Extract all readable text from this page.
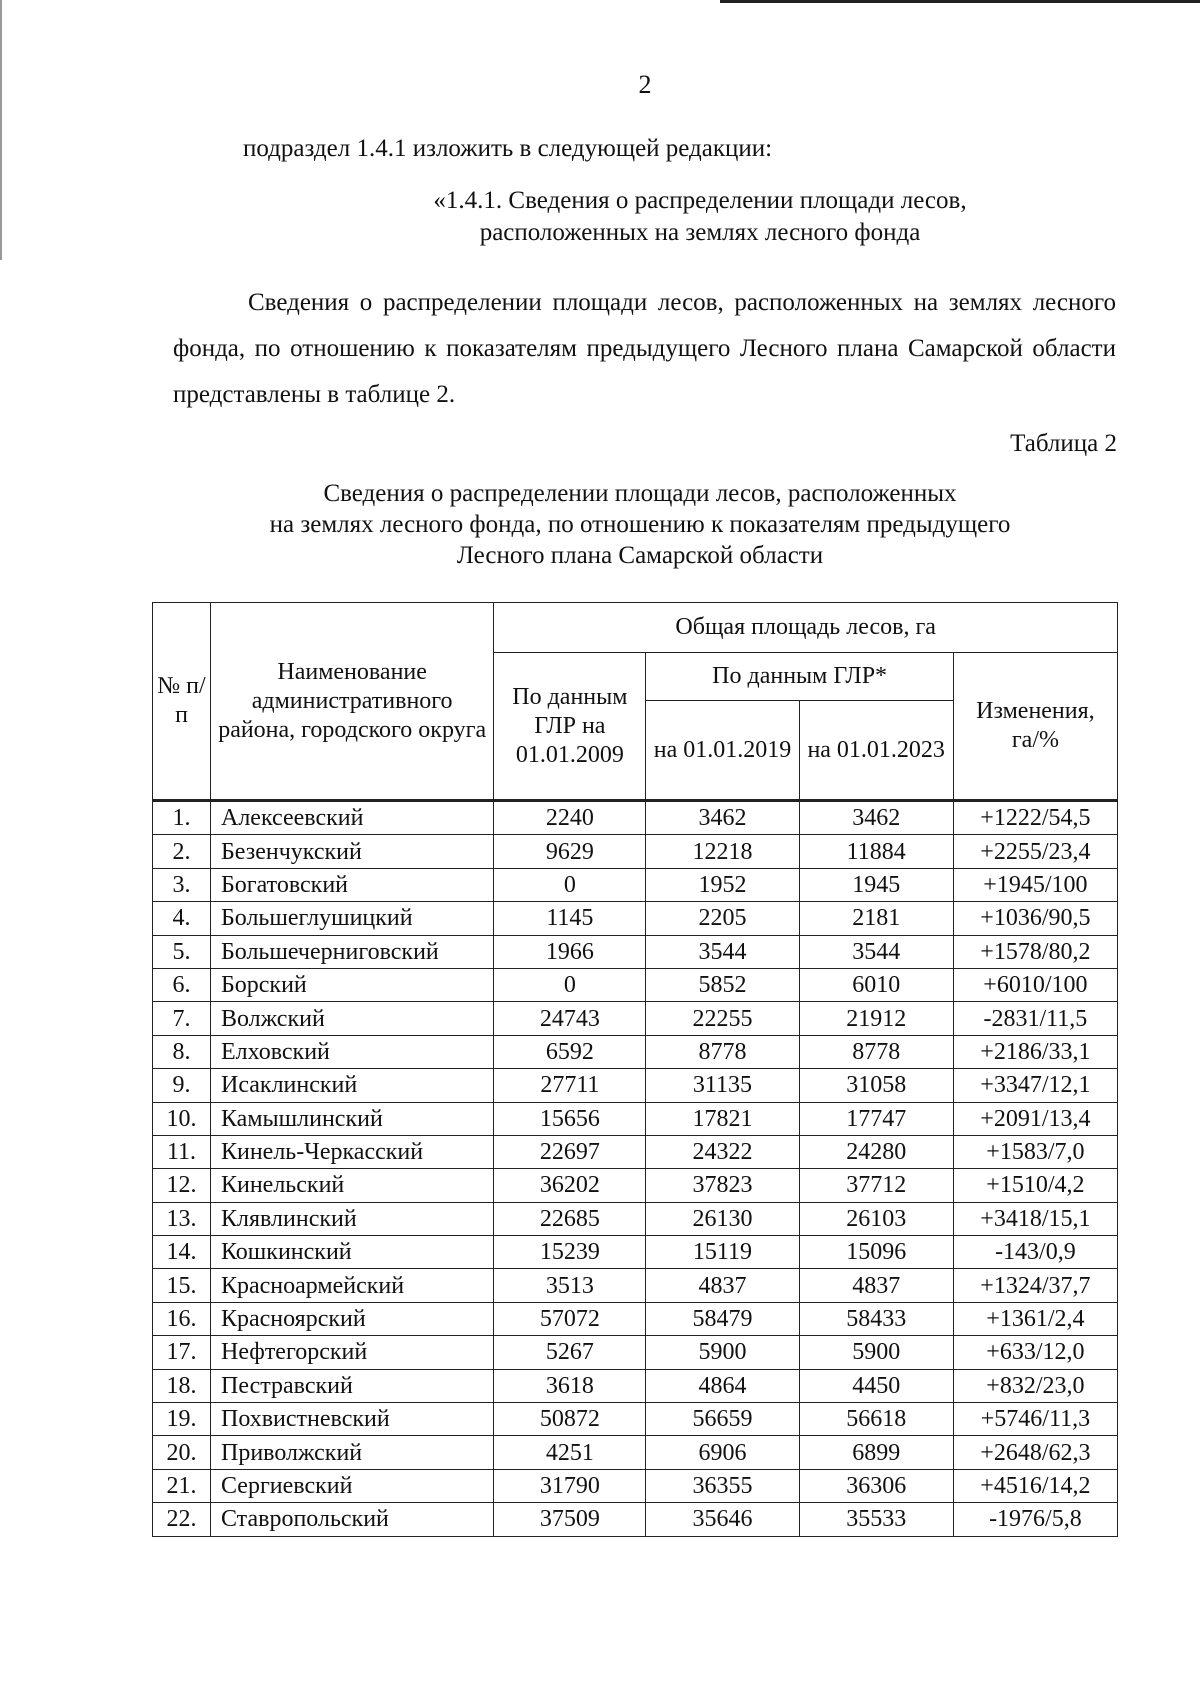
2
подраздел 1.4.1 изложить в следующей редакции:
«1.4.1. Сведения о распределении площади лесов,
расположенных на землях лесного фонда

Сведения о распределении площади лесов, расположенных на землях лесного фонда, по отношению к показателям предыдущего Лесного плана Самарской области представлены в таблице 2.

Таблица 2
Сведения о распределении площади лесов, расположенных
на землях лесного фонда, по отношению к показателям предыдущего
Лесного плана Самарской области
№ п/п	Наименование административного района, городского округа	Общая площадь лесов, га			
		По данным ГЛР на 01.01.2009	По данным ГЛР*		Изменения, га/%
			на 01.01.2019	на 01.01.2023	
1.	Алексеевский	2240	3462	3462	+1222/54,5
2.	Безенчукский	9629	12218	11884	+2255/23,4
3.	Богатовский	0	1952	1945	+1945/100
4.	Большеглушицкий	1145	2205	2181	+1036/90,5
5.	Большечерниговский	1966	3544	3544	+1578/80,2
6.	Борский	0	5852	6010	+6010/100
7.	Волжский	24743	22255	21912	-2831/11,5
8.	Елховский	6592	8778	8778	+2186/33,1
9.	Исаклинский	27711	31135	31058	+3347/12,1
10.	Камышлинский	15656	17821	17747	+2091/13,4
11.	Кинель-Черкасский	22697	24322	24280	+1583/7,0
12.	Кинельский	36202	37823	37712	+1510/4,2
13.	Клявлинский	22685	26130	26103	+3418/15,1
14.	Кошкинский	15239	15119	15096	-143/0,9
15.	Красноармейский	3513	4837	4837	+1324/37,7
16.	Красноярский	57072	58479	58433	+1361/2,4
17.	Нефтегорский	5267	5900	5900	+633/12,0
18.	Пестравский	3618	4864	4450	+832/23,0
19.	Похвистневский	50872	56659	56618	+5746/11,3
20.	Приволжский	4251	6906	6899	+2648/62,3
21.	Сергиевский	31790	36355	36306	+4516/14,2
22.	Ставропольский	37509	35646	35533	-1976/5,8
